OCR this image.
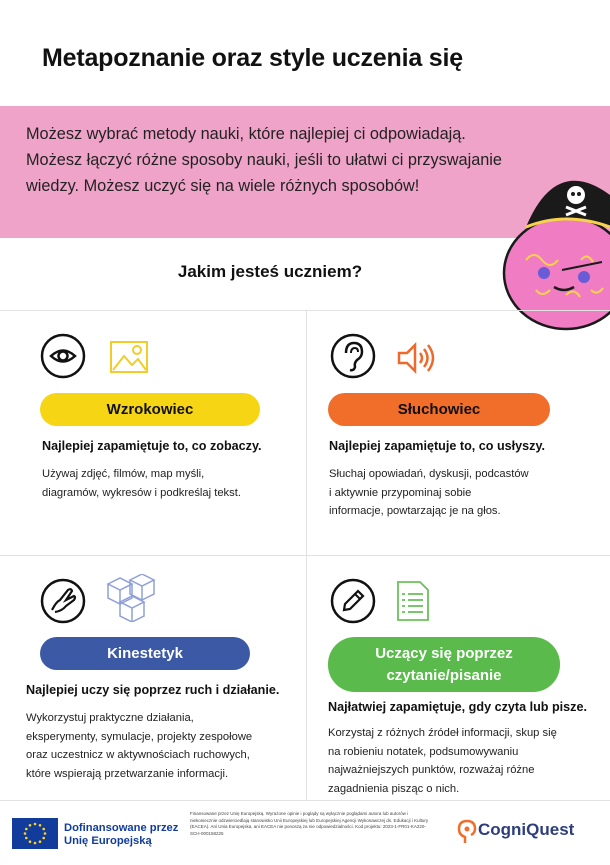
Metapoznanie oraz style uczenia się
Możesz wybrać metody nauki, które najlepiej ci odpowiadają.
Możesz łączyć różne sposoby nauki, jeśli to ułatwi ci przyswajanie
wiedzy. Możesz uczyć się na wiele różnych sposobów!
Jakim jesteś uczniem?
Wzrokowiec
Najlepiej zapamiętuje to, co zobaczy.
Używaj zdjęć, filmów, map myśli,
diagramów, wykresów i podkreślaj tekst.
Słuchowiec
Najlepiej zapamiętuje to, co usłyszy.
Słuchaj opowiadań, dyskusji, podcastów
i aktywnie przypominaj sobie
informacje, powtarzając je na głos.
Kinestetyk
Najlepiej uczy się poprzez ruch i działanie.
Wykorzystuj praktyczne działania,
eksperymenty, symulacje, projekty zespołowe
oraz uczestnicz w aktywnościach ruchowych,
które wspierają przetwarzanie informacji.
Uczący się poprzez
czytanie/pisanie
Najłatwiej zapamiętuje, gdy czyta lub pisze.
Korzystaj z różnych źródeł informacji, skup się
na robieniu notatek, podsumowywaniu
najważniejszych punktów, rozważaj różne
zagadnienia pisząc o nich.
Dofinansowane przez
Unię Europejską
Finansowane przez Unię Europejską. Wyrażone opinie i poglądy są wyłącznie poglądami autora lub autorów i niekoniecznie odzwierciedlają stanowisko Unii Europejskiej lub Europejskiej Agencji Wykonawczej ds. Edukacji i Kultury (EACEA). Ani Unia Europejska, ani EACEA nie ponoszą za nie odpowiedzialności. Kod projektu: 2023-1-FR01-KA220-SCH-000158225	CogniQuest
